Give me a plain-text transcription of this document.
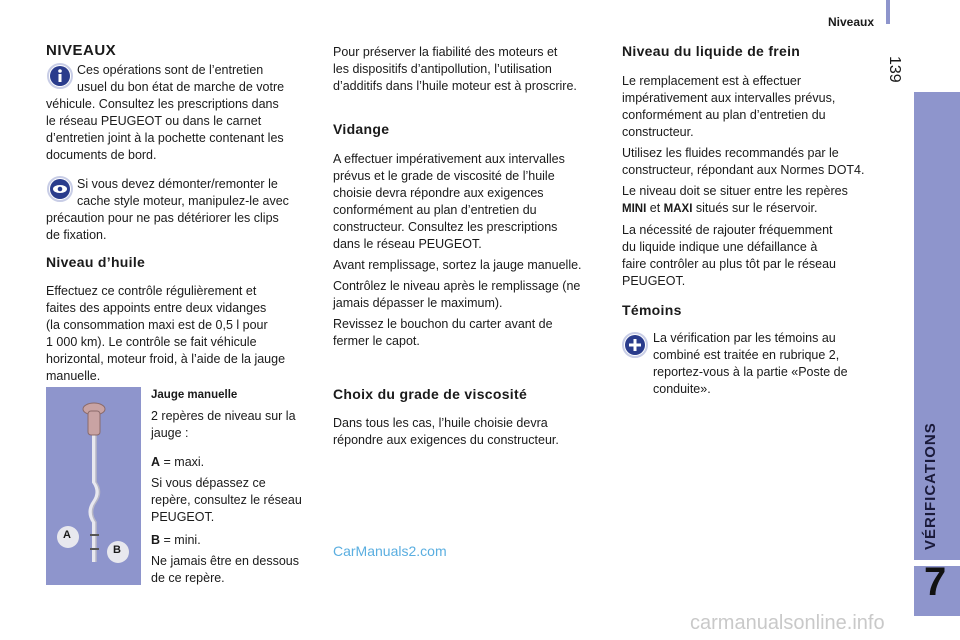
Niveaux
139
VÉRIFICATIONS
7
NIVEAUX

Ces opérations sont de l’entretien

usuel du bon état de marche de votre

véhicule. Consultez les prescriptions dans

le réseau PEUGEOT ou dans le carnet

d’entretien joint à la pochette contenant les

documents de bord.

Si vous devez démonter/remonter le

cache style moteur, manipulez-le avec

précaution pour ne pas détériorer les clips

de fixation.

Niveau d’huile

Effectuez ce contrôle régulièrement et

faites des appoints entre deux vidanges

(la consommation maxi est de 0,5 l pour

1 000 km). Le contrôle se fait véhicule

horizontal, moteur froid, à l’aide de la jauge

manuelle.

A
B

Jauge manuelle

2 repères de niveau sur la

jauge :

A = maxi.

Si vous dépassez ce

repère, consultez le réseau

PEUGEOT.

B = mini.

Ne jamais être en dessous

de ce repère.

Pour préserver la fiabilité des moteurs et

les dispositifs d’antipollution, l’utilisation

d’additifs dans l’huile moteur est à proscrire.

Vidange

A effectuer impérativement aux intervalles

prévus et le grade de viscosité de l’huile

choisie devra répondre aux exigences

conformément au plan d’entretien du

constructeur. Consultez les prescriptions

dans le réseau PEUGEOT.

Avant remplissage, sortez la jauge manuelle.

Contrôlez le niveau après le remplissage (ne

jamais dépasser le maximum).

Revissez le bouchon du carter avant de

fermer le capot.

Choix du grade de viscosité

Dans tous les cas, l’huile choisie devra

répondre aux exigences du constructeur.

CarManuals2.com
Niveau du liquide de frein

Le remplacement est à effectuer

impérativement aux intervalles prévus,

conformément au plan d’entretien du

constructeur.

Utilisez les fluides recommandés par le

constructeur, répondant aux Normes DOT4.

Le niveau doit se situer entre les repères

MINI et MAXI situés sur le réservoir.

La nécessité de rajouter fréquemment

du liquide indique une défaillance à

faire contrôler au plus tôt par le réseau

PEUGEOT.

Témoins

La vérification par les témoins au

combiné est traitée en rubrique 2,

reportez-vous à la partie «Poste de

conduite».

carmanualsonline.info
